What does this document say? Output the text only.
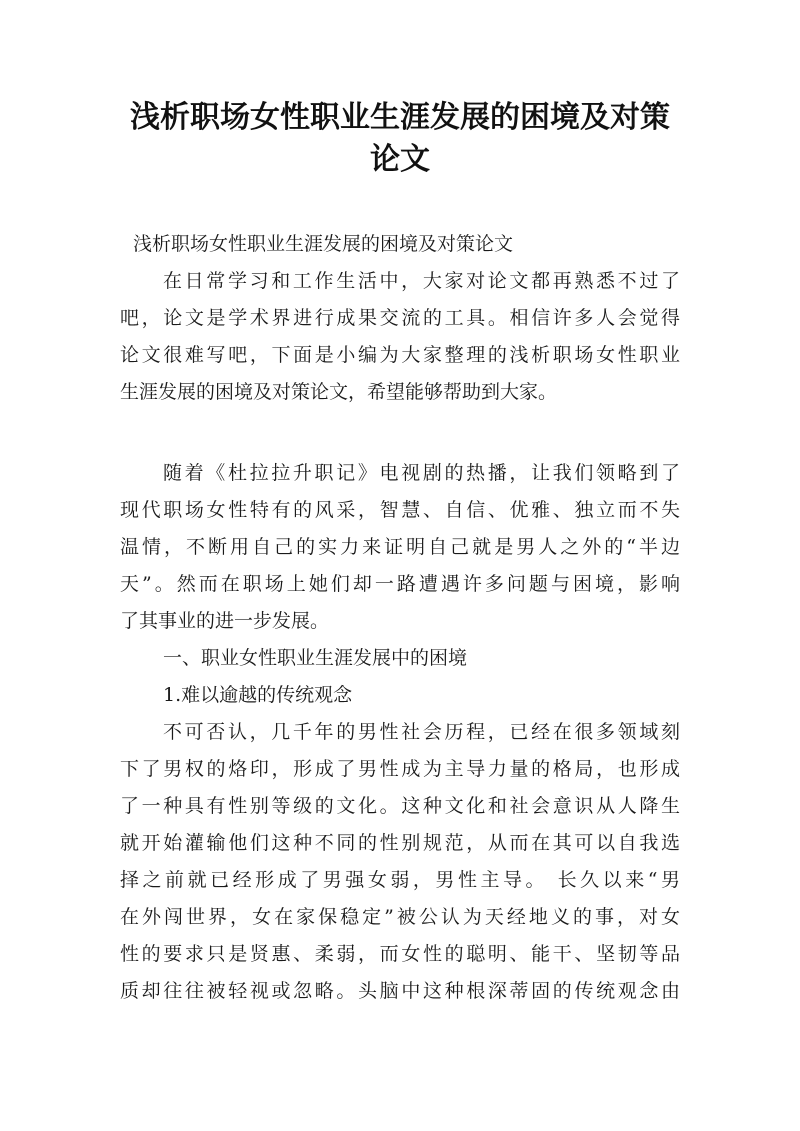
浅析职场女性职业生涯发展的困境及对策
论文
浅析职场女性职业生涯发展的困境及对策论文
在日常学习和工作生活中，大家对论文都再熟悉不过了
吧，论文是学术界进行成果交流的工具。相信许多人会觉得
论文很难写吧，下面是小编为大家整理的浅析职场女性职业
生涯发展的困境及对策论文，希望能够帮助到大家。
随着《杜拉拉升职记》电视剧的热播，让我们领略到了
现代职场女性特有的风采，智慧、自信、优雅、独立而不失
温情，不断用自己的实力来证明自己就是男人之外的“半边
天”。然而在职场上她们却一路遭遇许多问题与困境，影响
了其事业的进一步发展。
一、职业女性职业生涯发展中的困境
1.难以逾越的传统观念
不可否认，几千年的男性社会历程，已经在很多领域刻
下了男权的烙印，形成了男性成为主导力量的格局，也形成
了一种具有性别等级的文化。这种文化和社会意识从人降生
就开始灌输他们这种不同的性别规范，从而在其可以自我选
择之前就已经形成了男强女弱，男性主导。 长久以来“男
在外闯世界，女在家保稳定”被公认为天经地义的事，对女
性的要求只是贤惠、柔弱，而女性的聪明、能干、坚韧等品
质却往往被轻视或忽略。头脑中这种根深蒂固的传统观念由
